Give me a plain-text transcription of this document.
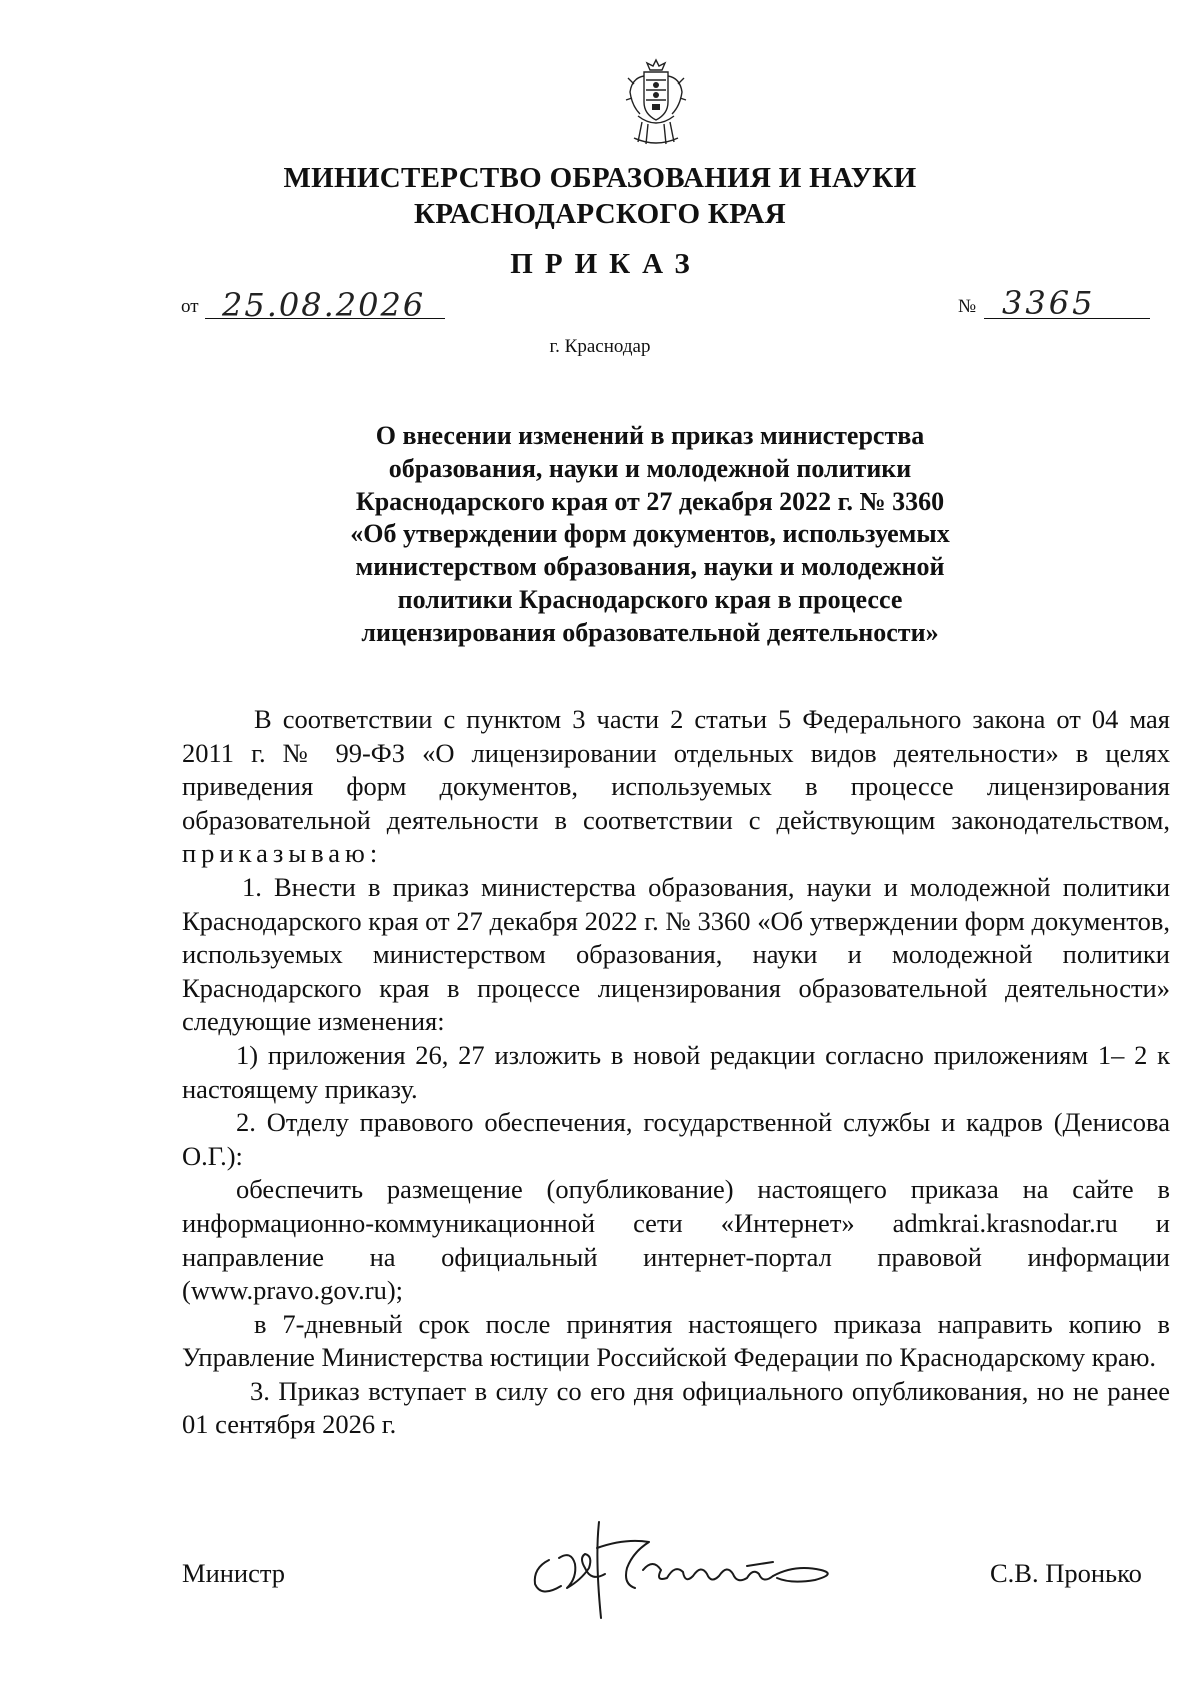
МИНИСТЕРСТВО ОБРАЗОВАНИЯ И НАУКИ
КРАСНОДАРСКОГО КРАЯ
ПРИКАЗ
от 25.08.2026	№ 3365
г. Краснодар
О внесении изменений в приказ министерства
образования, науки и молодежной политики
Краснодарского края от 27 декабря 2022 г. № 3360
«Об утверждении форм документов, используемых
министерством образования, науки и молодежной
политики Краснодарского края в процессе
лицензирования образовательной деятельности»

В соответствии с пунктом 3 части 2 статьи 5 Федерального закона от 04 мая 2011 г. № 99-ФЗ «О лицензировании отдельных видов деятельности» в целях приведения форм документов, используемых в процессе лицензирования образовательной деятельности в соответствии с действующим законодательством, приказываю:

1. Внести в приказ министерства образования, науки и молодежной политики Краснодарского края от 27 декабря 2022 г. № 3360 «Об утверждении форм документов, используемых министерством образования, науки и молодежной политики Краснодарского края в процессе лицензирования образовательной деятельности» следующие изменения:

1) приложения 26, 27 изложить в новой редакции согласно приложениям 1– 2 к настоящему приказу.

2. Отделу правового обеспечения, государственной службы и кадров (Денисова О.Г.):

обеспечить размещение (опубликование) настоящего приказа на сайте в информационно-коммуникационной сети «Интернет» admkrai.krasnodar.ru и направление на официальный интернет-портал правовой информации (www.pravo.gov.ru);

в 7-дневный срок после принятия настоящего приказа направить копию в Управление Министерства юстиции Российской Федерации по Краснодарскому краю.

3. Приказ вступает в силу со его дня официального опубликования, но не ранее 01 сентября 2026 г.

Министр	С.В. Пронько
